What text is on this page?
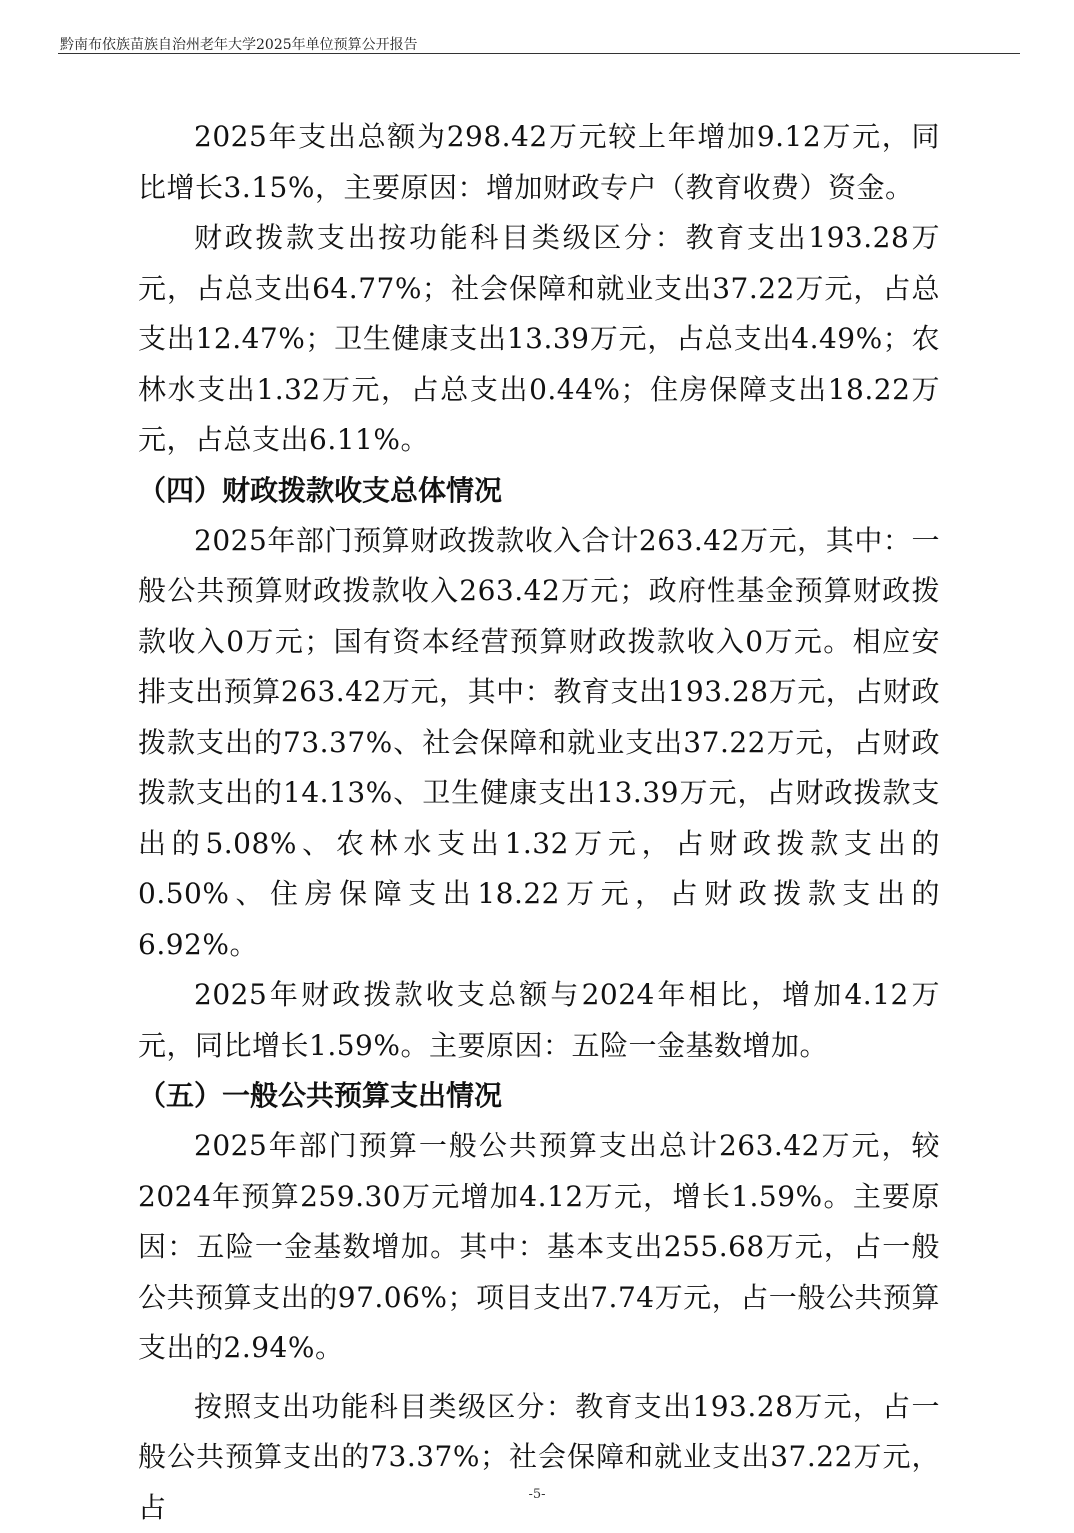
黔南布依族苗族自治州老年大学2025年单位预算公开报告

2025年支出总额为298.42万元较上年增加9.12万元，同比增长3.15%，主要原因：增加财政专户（教育收费）资金。

财政拨款支出按功能科目类级区分：教育支出193.28万元，占总支出64.77%；社会保障和就业支出37.22万元，占总支出12.47%；卫生健康支出13.39万元，占总支出4.49%；农林水支出1.32万元，占总支出0.44%；住房保障支出18.22万元，占总支出6.11%。

（四）财政拨款收支总体情况

2025年部门预算财政拨款收入合计263.42万元，其中：一般公共预算财政拨款收入263.42万元；政府性基金预算财政拨款收入0万元；国有资本经营预算财政拨款收入0万元。相应安排支出预算263.42万元，其中：教育支出193.28万元，占财政拨款支出的73.37%、社会保障和就业支出37.22万元，占财政拨款支出的14.13%、卫生健康支出13.39万元，占财政拨款支出的5.08%、农林水支出1.32万元，占财政拨款支出的0.50%、住房保障支出18.22万元，占财政拨款支出的6.92%。

2025年财政拨款收支总额与2024年相比，增加4.12万元，同比增长1.59%。主要原因：五险一金基数增加。

（五）一般公共预算支出情况

2025年部门预算一般公共预算支出总计263.42万元，较2024年预算259.30万元增加4.12万元，增长1.59%。主要原因：五险一金基数增加。其中：基本支出255.68万元，占一般公共预算支出的97.06%；项目支出7.74万元，占一般公共预算支出的2.94%。

按照支出功能科目类级区分：教育支出193.28万元，占一般公共预算支出的73.37%；社会保障和就业支出37.22万元，占	-5-
